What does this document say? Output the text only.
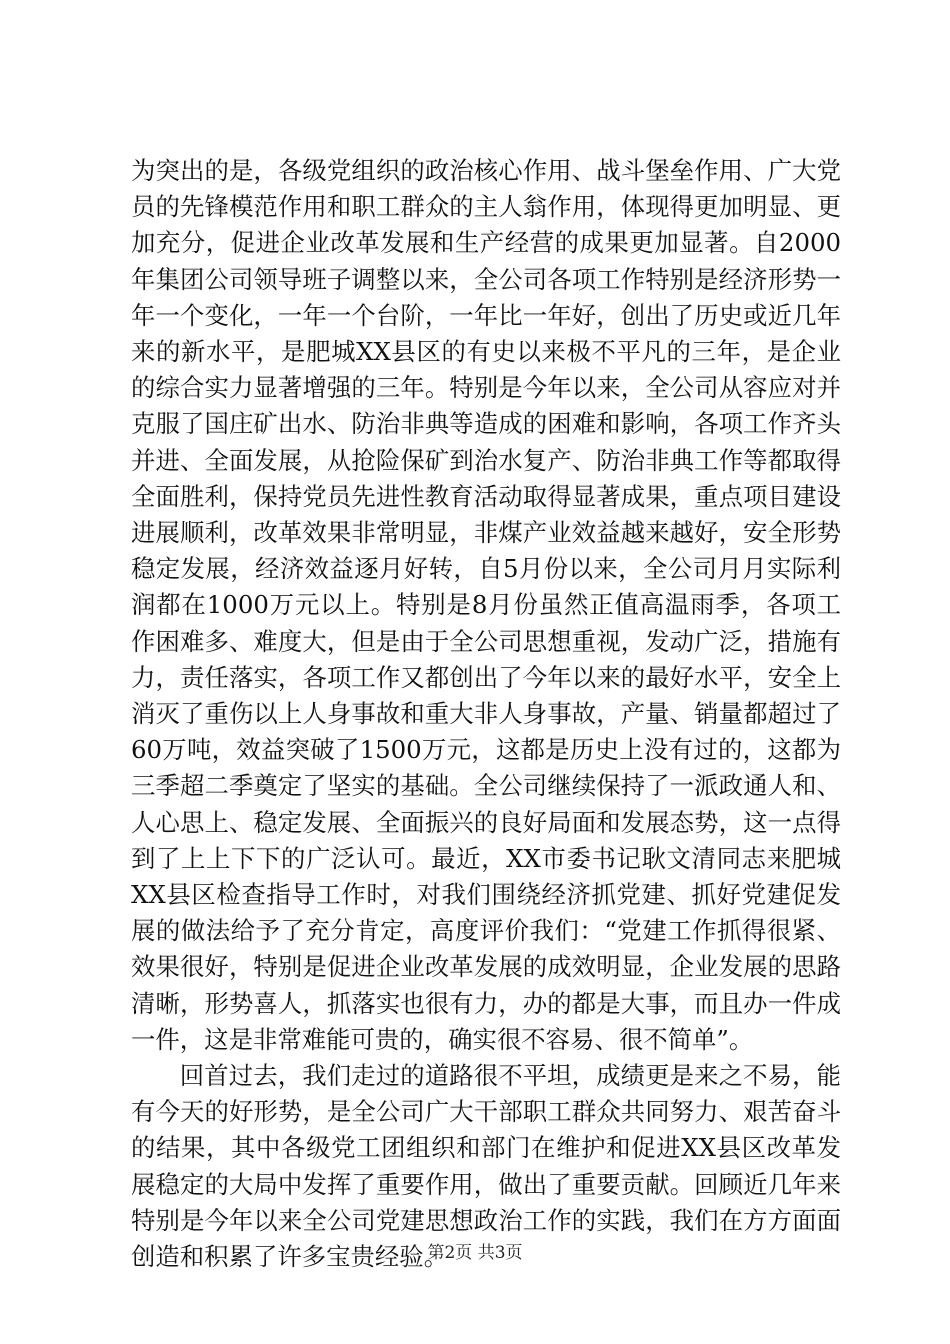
为突出的是，各级党组织的政治核心作用、战斗堡垒作用、广大党员的先锋模范作用和职工群众的主人翁作用，体现得更加明显、更加充分，促进企业改革发展和生产经营的成果更加显著。自2000年集团公司领导班子调整以来，全公司各项工作特别是经济形势一年一个变化，一年一个台阶，一年比一年好，创出了历史或近几年来的新水平，是肥城XX县区的有史以来极不平凡的三年，是企业的综合实力显著增强的三年。特别是今年以来，全公司从容应对并克服了国庄矿出水、防治非典等造成的困难和影响，各项工作齐头并进、全面发展，从抢险保矿到治水复产、防治非典工作等都取得全面胜利，保持党员先进性教育活动取得显著成果，重点项目建设进展顺利，改革效果非常明显，非煤产业效益越来越好，安全形势稳定发展，经济效益逐月好转，自5月份以来，全公司月月实际利润都在1000万元以上。特别是8月份虽然正值高温雨季，各项工作困难多、难度大，但是由于全公司思想重视，发动广泛，措施有力，责任落实，各项工作又都创出了今年以来的最好水平，安全上消灭了重伤以上人身事故和重大非人身事故，产量、销量都超过了60万吨，效益突破了1500万元，这都是历史上没有过的，这都为三季超二季奠定了坚实的基础。全公司继续保持了一派政通人和、人心思上、稳定发展、全面振兴的良好局面和发展态势，这一点得到了上上下下的广泛认可。最近，XX市委书记耿文清同志来肥城XX县区检查指导工作时，对我们围绕经济抓党建、抓好党建促发展的做法给予了充分肯定，高度评价我们：“党建工作抓得很紧、效果很好，特别是促进企业改革发展的成效明显，企业发展的思路清晰，形势喜人，抓落实也很有力，办的都是大事，而且办一件成一件，这是非常难能可贵的，确实很不容易、很不简单”。

回首过去，我们走过的道路很不平坦，成绩更是来之不易，能有今天的好形势，是全公司广大干部职工群众共同努力、艰苦奋斗的结果，其中各级党工团组织和部门在维护和促进XX县区改革发展稳定的大局中发挥了重要作用，做出了重要贡献。回顾近几年来特别是今年以来全公司党建思想政治工作的实践，我们在方方面面创造和积累了许多宝贵经验。

第2页 共3页
